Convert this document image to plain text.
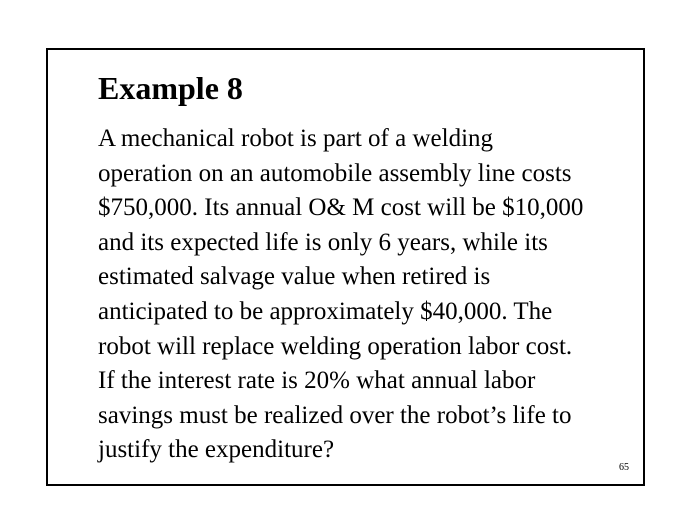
Example 8

A mechanical robot is part of a welding
operation on an automobile assembly line costs
$750,000. Its annual O& M cost will be $10,000
and its expected life is only 6 years, while its
estimated salvage value when retired is
anticipated to be approximately $40,000. The
robot will replace welding operation labor cost.
If the interest rate is 20% what annual labor
savings must be realized over the robot’s life to
justify the expenditure?

65
